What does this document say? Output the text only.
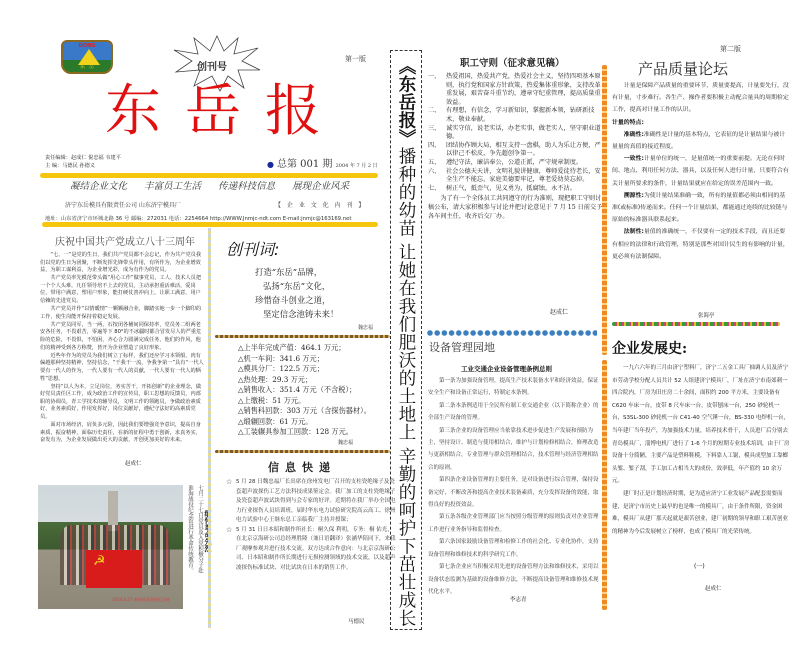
DONG
东岳	创刊号
第一版
东岳报
责任编辑：赵成仁 倪忠福 韦建平
主 编：马德民 孙德义	● 总第 001 期 2004 年 7 月 2 日
凝结企业文化 丰富员工生活 传递科技信息 展现企业风采
济宁东岳模具有限责任公司 山东济宁模具厂	【 企 业 文 化 内 刊 】
地址：山东省济宁市环城北路 36 号 邮编：272031 电话：2254664 http://WWW.Jnmjc-ndt.com E-mail:jnmjc@163169.net
庆祝中国共产党成立八十三周年

“七、一”是党的生日，我们共产党员都不会忘记，作为共产党员我们以党的生日为团聚，不断发挥先锋带头作用，有所作为，为企业增效益，为职工谋利益，为企业增光彩，成为有作为的党员。

共产党员率先模范带头做“用心工作”做事党员，工人、技术人员把一个个人头难，凡任领导培不上去的党员，主动承担重活难活，爱岗位，带用户满意，塑用户形象，能打硬仗善冲向上，让职工满意，用户信赖的先进党员。

共产党员并作“以情暖情”一颗颗融合业，脚踏实地一步一个脚印的工作，使生岗能开保持着稳定发展。

共产党员同军，当一两，石按闭各桶间同保持率，党员务二组两老安各任务，不畏艰苦，零遍等下 80°的不冰疆时都合冒发尽人的严重危险的危险，不畏惧，不怕困，齐心合力圆满完成任务，他们的作风，他们的精神受到各方称赞，皆开为企业塑造了良好形象。

近些年作为的党员为我们树立了标样，我们还应学习本领船，肉有偏越那种坚持精神，坚持信念，“干我干一流，争我争第一”具有“一代人要有一代人的作为，一代人要有一代人的贡献，一代人要有一代人的牺牲”思想。

坚持“以人为本，立足岗位，务实苦干，开拓创新”的企业理念，做好党员责任区工作，成为政治工作的宣传员，职工思想的反馈员，内部职的协调员，青工学技术的辅导员，文明工作的领跑员，争做政治素质好，业务素质好，作用发挥好，岗位贡献好，遵纪守法好的高素质党员。

面对市场经济，肩负多元险，因此我们要增强竞争意识，提高自身素质，振奋精神，面临历史责任，在新的征程中勇于创新，求真务实，奋发有为，为企业发展做出更大的贡献，开创更加美好的未来。

赵成仁
☭
2004.6.27 参观淮海战役纪念碑
淮海战役纪念馆进行革命传统教育。 七月二十七日党员及入党积极分子赴
创刊词:
打造“东岳”品牌，
弘扬“东岳”文化，
珍惜奋斗创业之道，
坚定信念池铸未来！
魏忠福
△上半年完成产值：464.1 万元；
△机一车间：341.6 万元；
△模具分厂：122.5 万元；
△热处理：29.3 万元；
△销售收入：351.4 万元（不含税）；
△上缴税：51 万元。
△销售科回款：303 万元（含探伤器材）。
△缎辗回款：61 万元。
△工装辗具参加工回款：128 万元。
魏忠福
信息快递
☆ 5 月 28 日魏忠福厂长出席在徐州发电厂召开的支柱瓷绝缘子及瓷套超声波探伤工艺方法科技成果鉴定会。我厂加工的支柱瓷绝缘子及瓷套超声波试块得到与会专家的好评。近期将在我厂举办全国电力行业探伤人员培训班，届时华东电力试验研究院高云高工、徐州电力试验中心王继东总工亲临我厂主持并授课；
☆ 5 月 31 日日本昭和制作所社长：桐久保 利明，专务：桐 佑光，在北京京海研公司总经理胜隆（兼日语翻译）张涵华陪同下，来我厂观摩参观并进行技术交流。双方达成合作意向：与北京京海研公司、日本昭和制作所长期进行无损检测领域的技术交流，以及超声波探伤标准试块、对比试块在日本的销售工作。
马德民
《东岳报》播种的幼苗 让她在我们肥沃的土地上 辛勤的呵护下茁壮成长
职工守则（征求意见稿）
一、 热爱祖国，热爱共产党，热爱社会主义，坚持四项基本原则，执行党和国家方针政策，热爱集体重形象，支持改革重发展，艰苦奋斗重节约，遵章守纪重管理，提高质量重效益。
二、 有理想，有信念，学习新知识，掌握新本领，钻研新技术，敬业奉献。
三、 诚实守信，说老实话，办老实事，做老实人，坚守职业道德。
四、 团结协作顾大局，相互支持一盘棋，助人为乐让方便，严以律己不松皮，争先超创争第一。
五、 遵纪守法，廉洁奉公，公道正派，严守规章制度。
六、 社会公德天天讲，文明礼貌讲健康，尊师爱徒待老长，安全生产不能忘，家庭美德要牢记，尊老爱幼莫忘掉。
七、 树正气，抵歪气，见义勇为，抵腐蚀，永不沾。

为了有一个全体员工共同遵守的行为准则，现把职工守则讨稿公布，请大家积极参与讨论并把讨论意见于 7 月 15 日前交予各车间主任，收齐后交厂办。

赵成仁
设备管理园地
工业交通企业设备管理条例总则

第一条为加强设备管理，提高生产技术装备水平和经济效益，保证安全生产和设备正常运行，特制定本条例。

第二条本条例适用于全民所有制工业交通企业（以下简称企业）的全部生产设备的管理。

第三条企业的设备管理应当依靠技术进步促进生产发展和预防为主，坚持设计、制造与使用相结合，维护与计划检修相结合，修理改造与更新相结合，专业管理与群众管理相结合，技术管理与经济管理相结合的原则。

第四条企业设备管理的主要任务，是对设备进行综合管理，保持设备完好，不断改善和提高企业技术装备素质，充分发挥设备的效能，取得良好的投资效益。

第五条各级企业管理部门应当按照分级管理的原则负责对企业管理工作进行业务指导和监督检查。

第六条国家鼓励设备管理和检修工作的社会化、专业化协作，支持设备管理和维修技术的科学研究工作。

第七条企业应当积极采用先进的设备管理方法和维修技术，采用以设备状态监测为基础的设备维修方法，不断提高设备管理和维修技术现代化水平。

李志青
第二版
产品质量论坛

计量是保障产品质量的重要环节，质量要提高，计量要先行，没有计量，寸步难行。各生产、操作者要积极主动配合量具的周期检定工作，提高对计量工作的认识。

计量的特点:

准确性:准确性是计量的基本特点，它表征的是计量结果与被计量量的真值的接近程度。

一致性:计量单位的统一，是量值统一的重要前提。无论在何时间、地点、利用任何方法、器具，以及任何人进行计量，只要符合有关计量所要求的条件，计量结果就应在给定的误差范围内一致。

溯源性:为使计量结果准确一致，所有的量值都必须由相同的基准(或标准)传递而来。任何一个计量结果，都能通过连续的比较链与原始的标准器具联系起来。

法制性:量值的准确统一，不仅要有一定的技术手段，而且还要有相应的法律和行政管理，特别是那些对国计民生的有影响的计量，更必须有法制保障。

张海亭
企业发展史:

一九六六年的三月由济宁塑料厂，济宁二五金工具厂抽调人员及济宁市劳动学校分配人员共计 52 人组建济宁模具厂，厂址在济宁市南郊刺一四合院内，厂房为旧庄房二十余间，面积约 200 平方米，主要设备有 C620 车床一台，皮带 8 尺车床一台，皮带刨床一台，250 砂轮机一台，S3SL-300 砂轮机一台 C41-40 空气锤一台，BS-330 电焊机一台，当年建厂当年投产，为加强技术力量，培养技术骨干，人员进厂后分别去青岛模具厂，淄博电机厂进行了 1-6 个月的短期专业技术培训，由于厂房设备十分简陋，主要产品是塑料鞋模，下料靠人工锯，模具成型加工靠榔头錾、錾子刮，手工加工占相当大的成份，效率低，年产值约 10 余万元。

建厂时正是计划经济时期，是为适应济宁工业发展产品配套需要而建，是济宁市历史上最早的也是唯一的模具厂，由于条件所限，资金困难，模具厂从建厂那天起就是艰苦创业，建厂初期的领导和职工艰苦创业的精神为今后发展树立了榜样，也成了模具厂的光荣传统。

(一)
赵成仁
